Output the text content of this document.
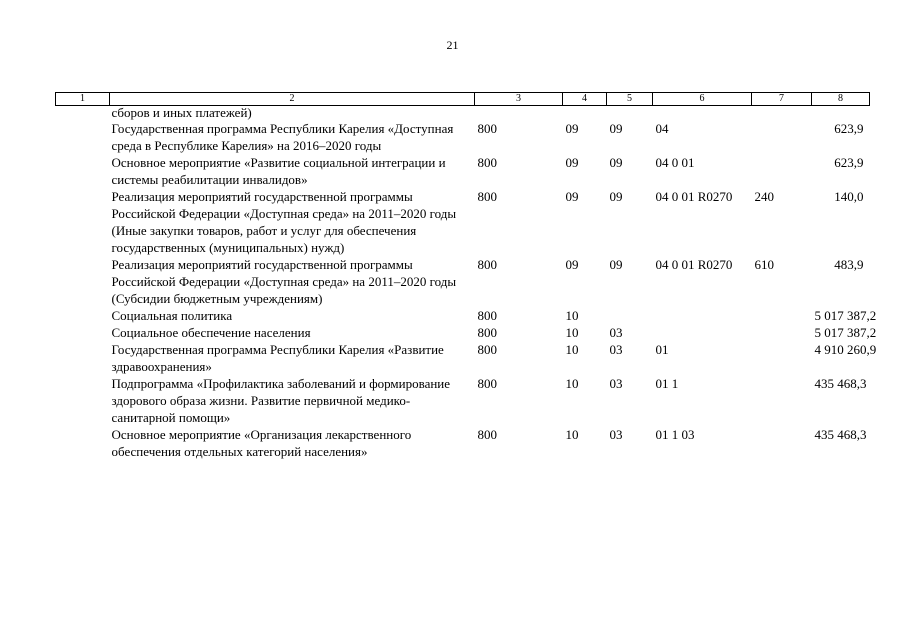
21
1	2	3	4	5	6	7	8
	сборов и иных платежей)						
	Государственная программа Республики Карелия «Доступная среда в Республике Карелия» на 2016–2020 годы	800	09	09	04		623,9
	Основное мероприятие «Развитие социальной интеграции и системы реабилитации инвалидов»	800	09	09	04 0 01		623,9
	Реализация мероприятий государственной программы Российской Федерации «Доступная среда» на 2011–2020 годы (Иные закупки товаров, работ и услуг для обеспечения государственных (муниципальных) нужд)	800	09	09	04 0 01 R0270	240	140,0
	Реализация мероприятий государственной программы Российской Федерации «Доступная среда» на 2011–2020 годы (Субсидии бюджетным учреждениям)	800	09	09	04 0 01 R0270	610	483,9
	Социальная политика	800	10				5 017 387,2
	Социальное обеспечение населения	800	10	03			5 017 387,2
	Государственная программа Республики Карелия «Развитие здравоохранения»	800	10	03	01		4 910 260,9
	Подпрограмма «Профилактика заболеваний и формирование здорового образа жизни. Развитие первичной медико-санитарной помощи»	800	10	03	01 1		435 468,3
	Основное мероприятие «Организация лекарственного обеспечения отдельных категорий населения»	800	10	03	01 1 03		435 468,3
